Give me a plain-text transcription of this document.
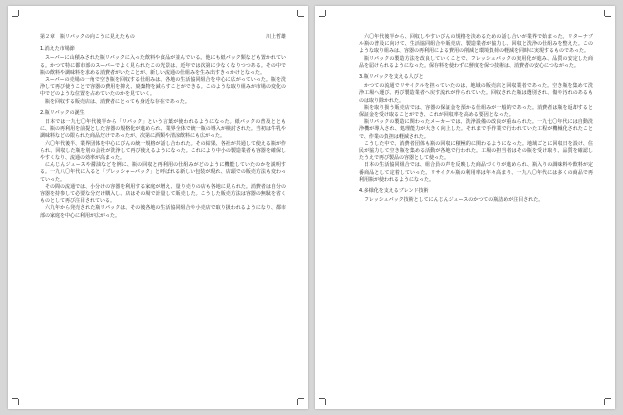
第２章　瓶リパックの向こうに見えたもの	川上哲雄
1.消えた市場節

スーパーに山積みされた瓶リパックに入った飲料や食品が並んでいる。他にも紙パック類なども置かれている。かつて特に都市部のスーパーでよく見られたこの光景は、近年では次第に少なくなりつつある。その中で瓶の飲料や調味料を求める消費者がいたことが、新しい流通の仕組みを生み出すきっかけとなった。

スーパーの売場の一角で空き瓶を回収する仕組みは、各地の生活協同組合を中心に広がっていった。瓶を洗浄して再び使うことで容器の費用を抑え、廃棄物を減らすことができる。このような取り組みが市場の変化の中でどのような位置を占めていたのかを見ていく。

瓶を回収する販売店は、消費者にとっても身近な存在であった。

2.瓶リパックの誕生

日本では一九七〇年代後半から「リパック」という言葉が使われるようになった。紙パックの普及とともに、瓶の再利用を前提とした容器の規格化が進められ、業界全体で統一瓶の導入が検討された。当初は牛乳や調味料などの限られた商品だけであったが、次第に酒類や清涼飲料にも広がった。

六〇年代後半、業界団体を中心にびんの統一規格が話し合われた。その結果、各社が共通して使える瓶が作られ、回収した瓶を別の会社が洗浄して再び使えるようになった。これにより中小の製造業者も容器を確保しやすくなり、流通の効率が高まった。

にんじんジュースや醤油などを例に、瓶の回収と再利用の仕組みがどのように機能していたのかを説明する。一九八〇年代に入ると「プレッシャーパック」と呼ばれる新しい包装が現れ、店頭での販売方法も変わっていった。

その間の流通では、小分けの容器を利用する家庭が増え、量り売りの店も各地に見られた。消費者は自分の容器を持参して必要な分だけ購入し、店はその場で計量して販売した。こうした販売方法は容器の無駄を省くものとして再び注目されている。

六九年から発売された瓶リパックは、その後各地の生活協同組合や小売店で取り扱われるようになり、都市部の家庭を中心に利用が広がった。

六〇年代後半から、回収しやすいびんの規格を決めるための話し合いが業界で始まった。リターナブル瓶の普及に向けて、生活協同組合や販売店、製造業者が協力し、回収と洗浄の仕組みを整えた。このような取り組みは、容器の再利用による費用の削減と環境負荷の軽減を同時に実現するものであった。

瓶リパックの製造方法を改良していくことで、フレッシュパックの実用化が進み、品質の安定した商品を届けられるようになった。保存料を使わずに鮮度を保つ技術は、消費者の安心につながった。

3.瓶リパックを支える人びと

かつての流通でリサイクルを担っていたのは、地域の販売店と回収業者であった。空き瓶を集めて洗浄工場へ運び、再び製造業者へ戻す流れが作られていた。回収された瓶は選別され、傷や汚れのあるものは取り除かれた。

瓶を取り扱う販売店では、容器の保証金を預かる仕組みが一般的であった。消費者は瓶を返却すると保証金を受け取ることができ、これが回収率を高める要因となった。

瓶リパックの製造に関わったメーカーでは、洗浄設備の改良が重ねられた。一九七〇年代には自動洗浄機が導入され、処理能力が大きく向上した。それまで手作業で行われていた工程が機械化されたことで、作業の負担は軽減された。

こうした中で、消費者団体も瓶の回収に積極的に関わるようになった。地域ごとに回収日を設け、住民が協力して空き瓶を集める活動が各地で行われた。工場の担当者はその瓶を受け取り、品質を確認したうえで再び製品の容器として使った。

日本の生活協同組合では、組合員の声を反映した商品づくりが進められ、瓶入りの調味料や飲料が定番商品として定着していった。リサイクル瓶の利用率は年々高まり、一九八〇年代には多くの商品で再利用瓶が使われるようになった。

4.多様化を支えるブレンド技術

フレッシュパック技術としてにんじんジュースのかつての瓶詰めが注目された。
